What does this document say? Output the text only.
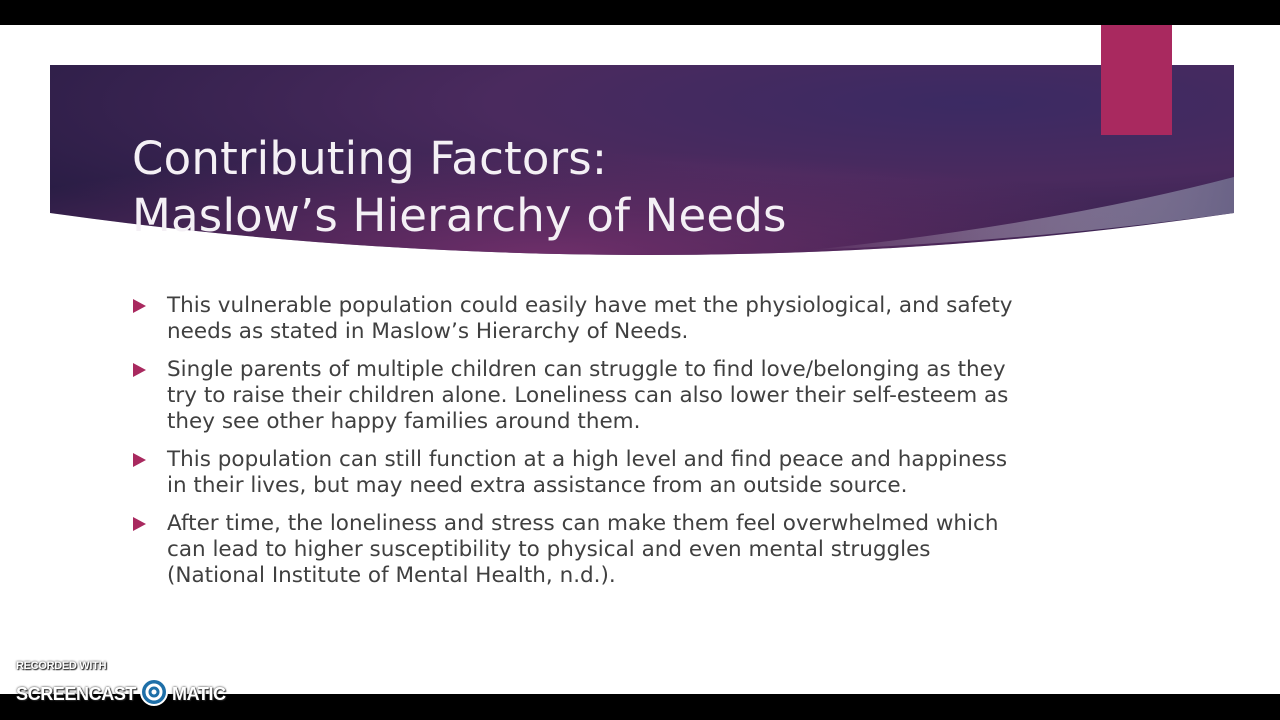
Contributing Factors:
Maslow’s Hierarchy of Needs
This vulnerable population could easily have met the physiological, and safety needs as stated in Maslow’s Hierarchy of Needs.
Single parents of multiple children can struggle to find love/belonging as they try to raise their children alone. Loneliness can also lower their self-esteem as they see other happy families around them.
This population can still function at a high level and find peace and happiness in their lives, but may need extra assistance from an outside source.
After time, the loneliness and stress can make them feel overwhelmed which can lead to higher susceptibility to physical and even mental struggles (National Institute of Mental Health, n.d.).
RECORDED WITH
SCREENCAST MATIC
